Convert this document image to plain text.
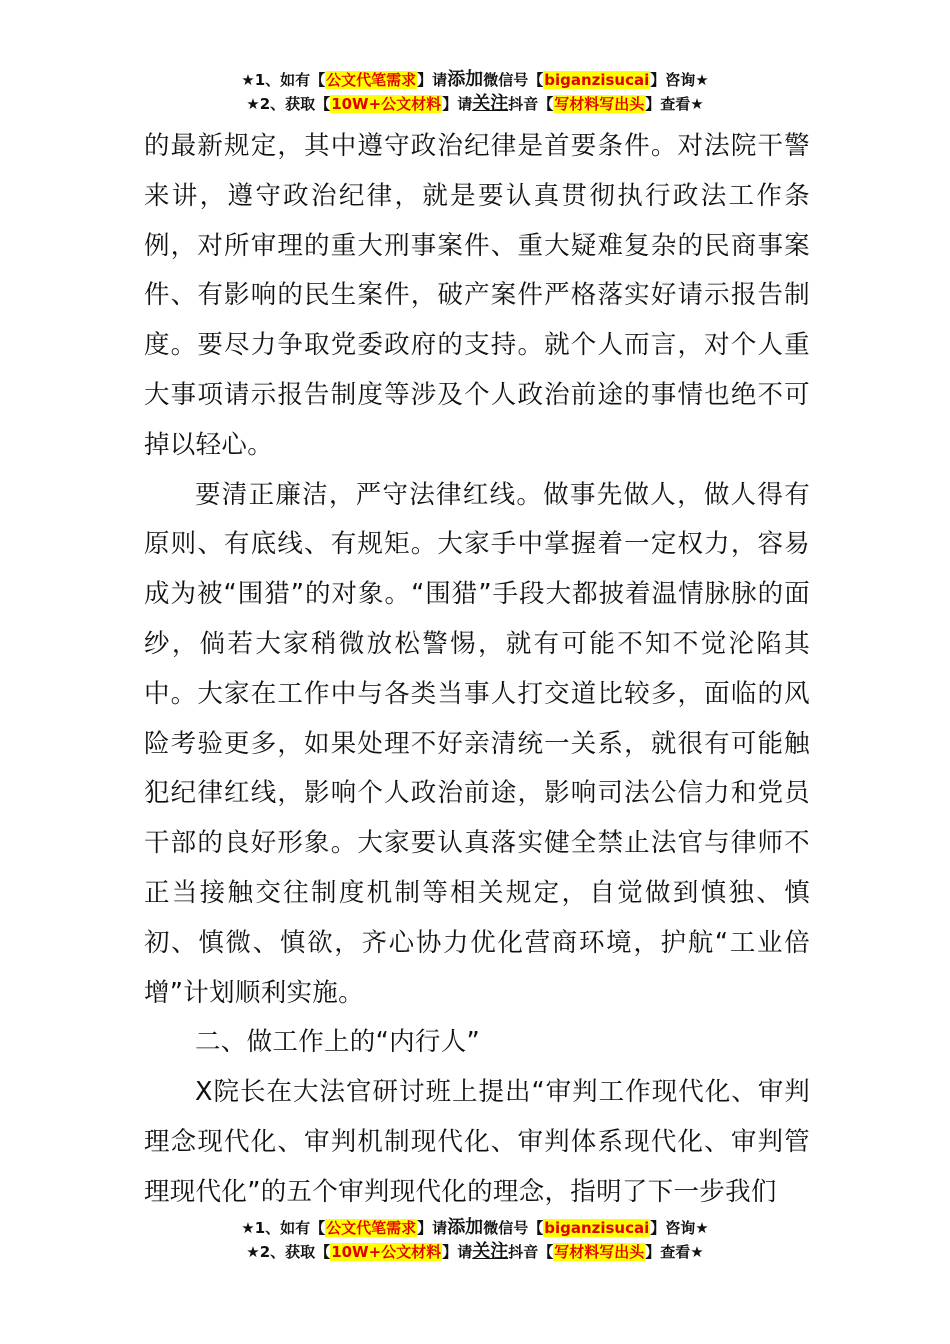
★1、如有【公文代笔需求】请添加微信号【biganzisucai】咨询★
★2、获取【10W+公文材料】请关注抖音【写材料写出头】查看★

的最新规定，其中遵守政治纪律是首要条件。对法院干警来讲，遵守政治纪律，就是要认真贯彻执行政法工作条例，对所审理的重大刑事案件、重大疑难复杂的民商事案件、有影响的民生案件，破产案件严格落实好请示报告制度。要尽力争取党委政府的支持。就个人而言，对个人重大事项请示报告制度等涉及个人政治前途的事情也绝不可掉以轻心。

要清正廉洁，严守法律红线。做事先做人，做人得有原则、有底线、有规矩。大家手中掌握着一定权力，容易成为被“围猎”的对象。“围猎”手段大都披着温情脉脉的面纱，倘若大家稍微放松警惕，就有可能不知不觉沦陷其中。大家在工作中与各类当事人打交道比较多，面临的风险考验更多，如果处理不好亲清统一关系，就很有可能触犯纪律红线，影响个人政治前途，影响司法公信力和党员干部的良好形象。大家要认真落实健全禁止法官与律师不正当接触交往制度机制等相关规定，自觉做到慎独、慎初、慎微、慎欲，齐心协力优化营商环境，护航“工业倍增”计划顺利实施。

二、做工作上的“内行人”

X院长在大法官研讨班上提出“审判工作现代化、审判理念现代化、审判机制现代化、审判体系现代化、审判管理现代化”的五个审判现代化的理念，指明了下一步我们

★1、如有【公文代笔需求】请添加微信号【biganzisucai】咨询★
★2、获取【10W+公文材料】请关注抖音【写材料写出头】查看★
